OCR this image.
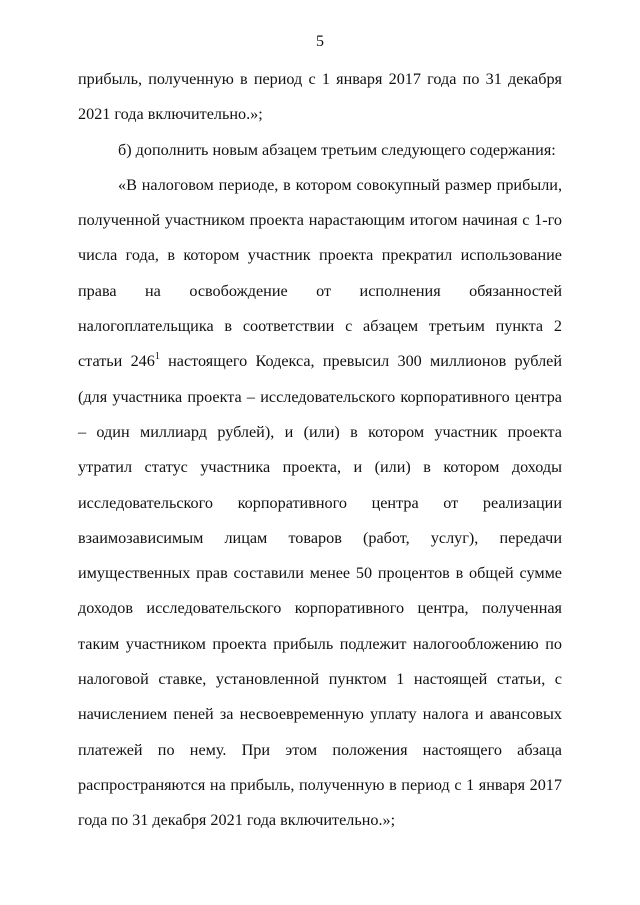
5

прибыль, полученную в период с 1 января 2017 года по 31 декабря 2021 года включительно.»;

б) дополнить новым абзацем третьим следующего содержания:

«В налоговом периоде, в котором совокупный размер прибыли, полученной участником проекта нарастающим итогом начиная с 1-го числа года, в котором участник проекта прекратил использование права на освобождение от исполнения обязанностей налогоплательщика в соответствии с абзацем третьим пункта 2 статьи $246^1$ настоящего Кодекса, превысил 300 миллионов рублей (для участника проекта – исследовательского корпоративного центра – один миллиард рублей), и (или) в котором участник проекта утратил статус участника проекта, и (или) в котором доходы исследовательского корпоративного центра от реализации взаимозависимым лицам товаров (работ, услуг), передачи имущественных прав составили менее 50 процентов в общей сумме доходов исследовательского корпоративного центра, полученная таким участником проекта прибыль подлежит налогообложению по налоговой ставке, установленной пунктом 1 настоящей статьи, с начислением пеней за несвоевременную уплату налога и авансовых платежей по нему. При этом положения настоящего абзаца распространяются на прибыль, полученную в период с 1 января 2017 года по 31 декабря 2021 года включительно.»;
